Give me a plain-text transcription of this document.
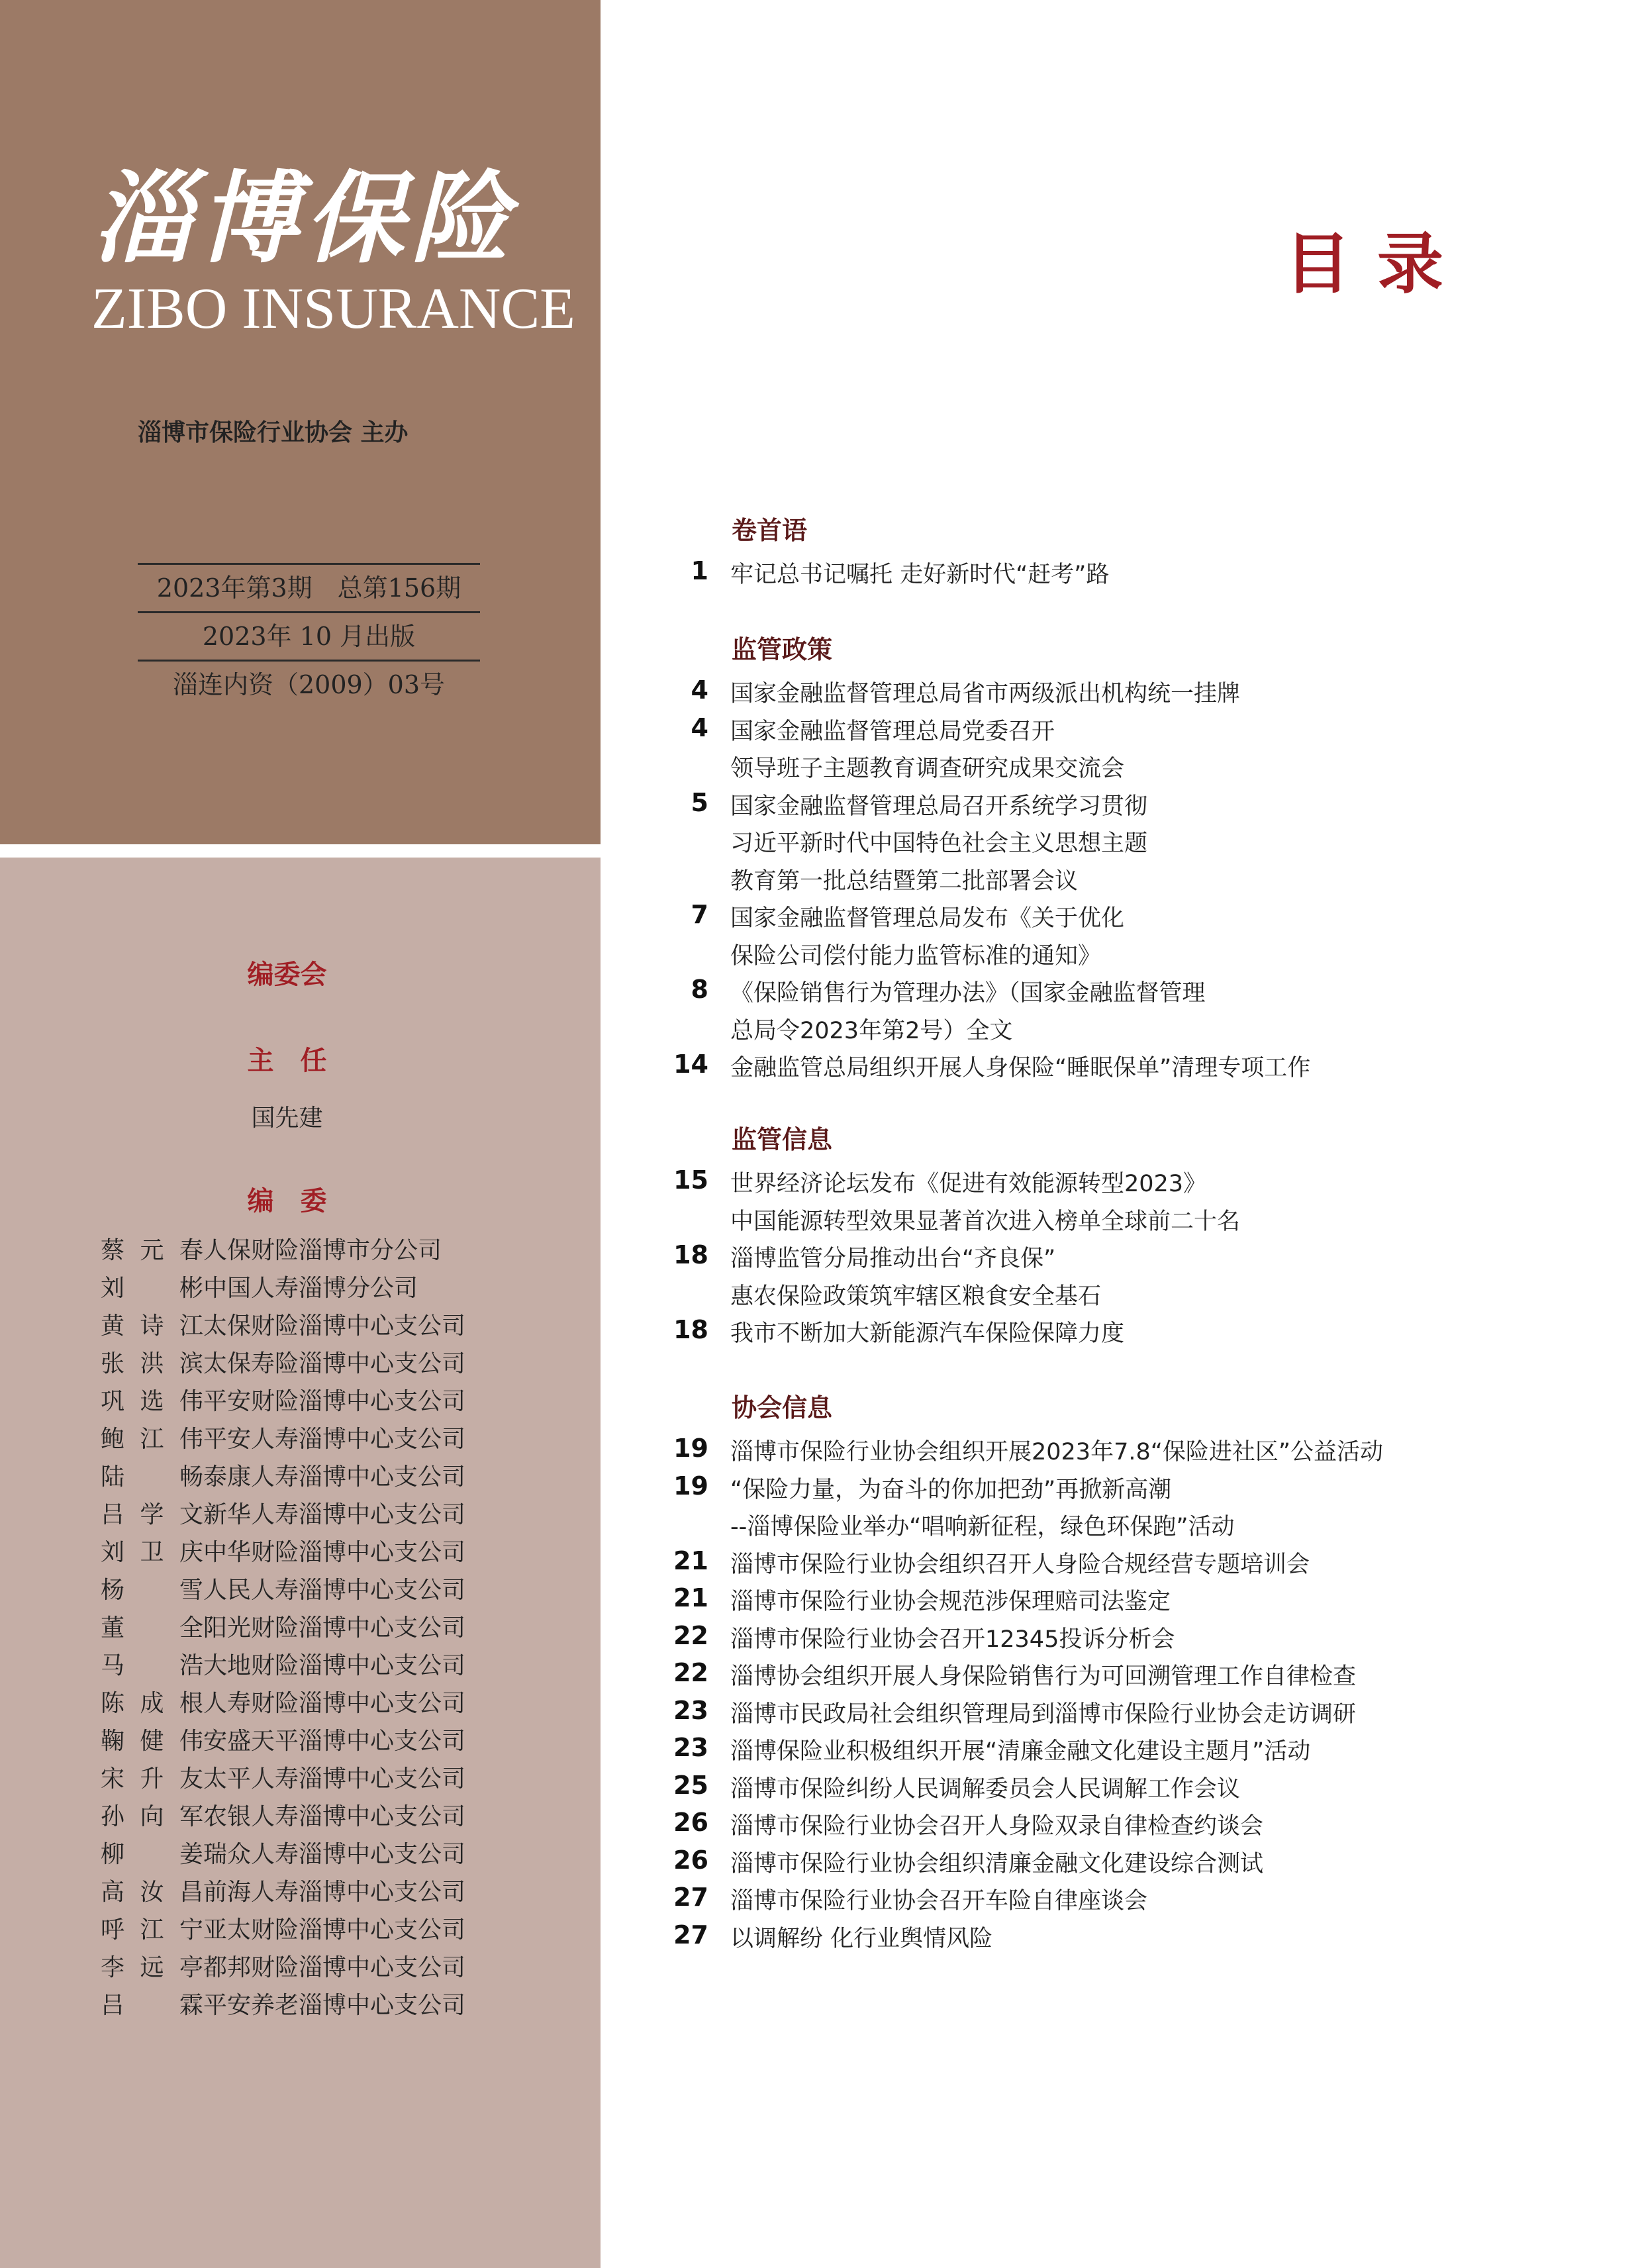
淄博保险
ZIBO INSURANCE
淄博市保险行业协会 主办
2023年第3期　总第156期
2023年 10 月出版
淄连内资（2009）03号
编委会
主　任
国先建
编　委
蔡元春人保财险淄博市分公司
刘彬中国人寿淄博分公司
黄诗江太保财险淄博中心支公司
张洪滨太保寿险淄博中心支公司
巩选伟平安财险淄博中心支公司
鲍江伟平安人寿淄博中心支公司
陆畅泰康人寿淄博中心支公司
吕学文新华人寿淄博中心支公司
刘卫庆中华财险淄博中心支公司
杨雪人民人寿淄博中心支公司
董全阳光财险淄博中心支公司
马浩大地财险淄博中心支公司
陈成根人寿财险淄博中心支公司
鞠健伟安盛天平淄博中心支公司
宋升友太平人寿淄博中心支公司
孙向军农银人寿淄博中心支公司
柳姜瑞众人寿淄博中心支公司
高汝昌前海人寿淄博中心支公司
呼江宁亚太财险淄博中心支公司
李远亭都邦财险淄博中心支公司
吕霖平安养老淄博中心支公司
目录
卷首语
1 牢记总书记嘱托 走好新时代“赶考”路
监管政策
4 国家金融监督管理总局省市两级派出机构统一挂牌
4 国家金融监督管理总局党委召开
领导班子主题教育调查研究成果交流会
5 国家金融监督管理总局召开系统学习贯彻
习近平新时代中国特色社会主义思想主题
教育第一批总结暨第二批部署会议
7 国家金融监督管理总局发布《关于优化
保险公司偿付能力监管标准的通知》
8 《保险销售行为管理办法》（国家金融监督管理
总局令2023年第2号）全文
14 金融监管总局组织开展人身保险“睡眠保单”清理专项工作
监管信息
15 世界经济论坛发布《促进有效能源转型2023》
中国能源转型效果显著首次进入榜单全球前二十名
18 淄博监管分局推动出台“齐良保”
惠农保险政策筑牢辖区粮食安全基石
18 我市不断加大新能源汽车保险保障力度
协会信息
19 淄博市保险行业协会组织开展2023年7.8“保险进社区”公益活动
19 “保险力量，为奋斗的你加把劲”再掀新高潮
--淄博保险业举办“唱响新征程，绿色环保跑”活动
21 淄博市保险行业协会组织召开人身险合规经营专题培训会
21 淄博市保险行业协会规范涉保理赔司法鉴定
22 淄博市保险行业协会召开12345投诉分析会
22 淄博协会组织开展人身保险销售行为可回溯管理工作自律检查
23 淄博市民政局社会组织管理局到淄博市保险行业协会走访调研
23 淄博保险业积极组织开展“清廉金融文化建设主题月”活动
25 淄博市保险纠纷人民调解委员会人民调解工作会议
26 淄博市保险行业协会召开人身险双录自律检查约谈会
26 淄博市保险行业协会组织清廉金融文化建设综合测试
27 淄博市保险行业协会召开车险自律座谈会
27 以调解纷 化行业舆情风险
